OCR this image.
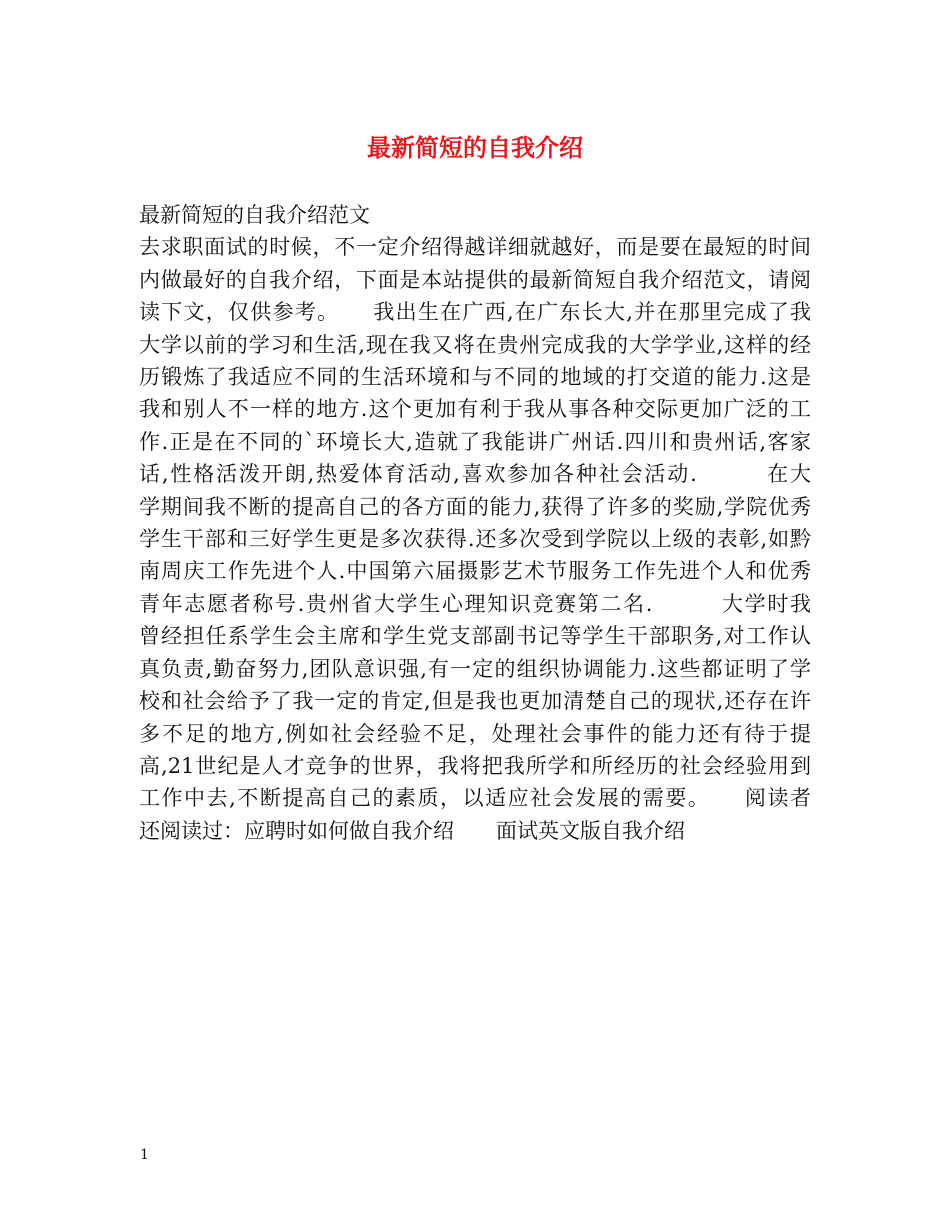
最新简短的自我介绍
最新简短的自我介绍范文
去求职面试的时候，不一定介绍得越详细就越好，而是要在最短的时间
内做最好的自我介绍，下面是本站提供的最新简短自我介绍范文，请阅
读下文，仅供参考。　　我出生在广西,在广东长大,并在那里完成了我
大学以前的学习和生活,现在我又将在贵州完成我的大学学业,这样的经
历锻炼了我适应不同的生活环境和与不同的地域的打交道的能力.这是
我和别人不一样的地方.这个更加有利于我从事各种交际更加广泛的工
作.正是在不同的`环境长大,造就了我能讲广州话.四川和贵州话,客家
话,性格活泼开朗,热爱体育活动,喜欢参加各种社会活动.　　　在大
学期间我不断的提高自己的各方面的能力,获得了许多的奖励,学院优秀
学生干部和三好学生更是多次获得.还多次受到学院以上级的表彰,如黔
南周庆工作先进个人.中国第六届摄影艺术节服务工作先进个人和优秀
青年志愿者称号.贵州省大学生心理知识竞赛第二名.　　　大学时我
曾经担任系学生会主席和学生党支部副书记等学生干部职务,对工作认
真负责,勤奋努力,团队意识强,有一定的组织协调能力.这些都证明了学
校和社会给予了我一定的肯定,但是我也更加清楚自己的现状,还存在许
多不足的地方,例如社会经验不足，处理社会事件的能力还有待于提
高,21世纪是人才竞争的世界，我将把我所学和所经历的社会经验用到
工作中去,不断提高自己的素质，以适应社会发展的需要。　　阅读者
还阅读过：应聘时如何做自我介绍　　面试英文版自我介绍
1
